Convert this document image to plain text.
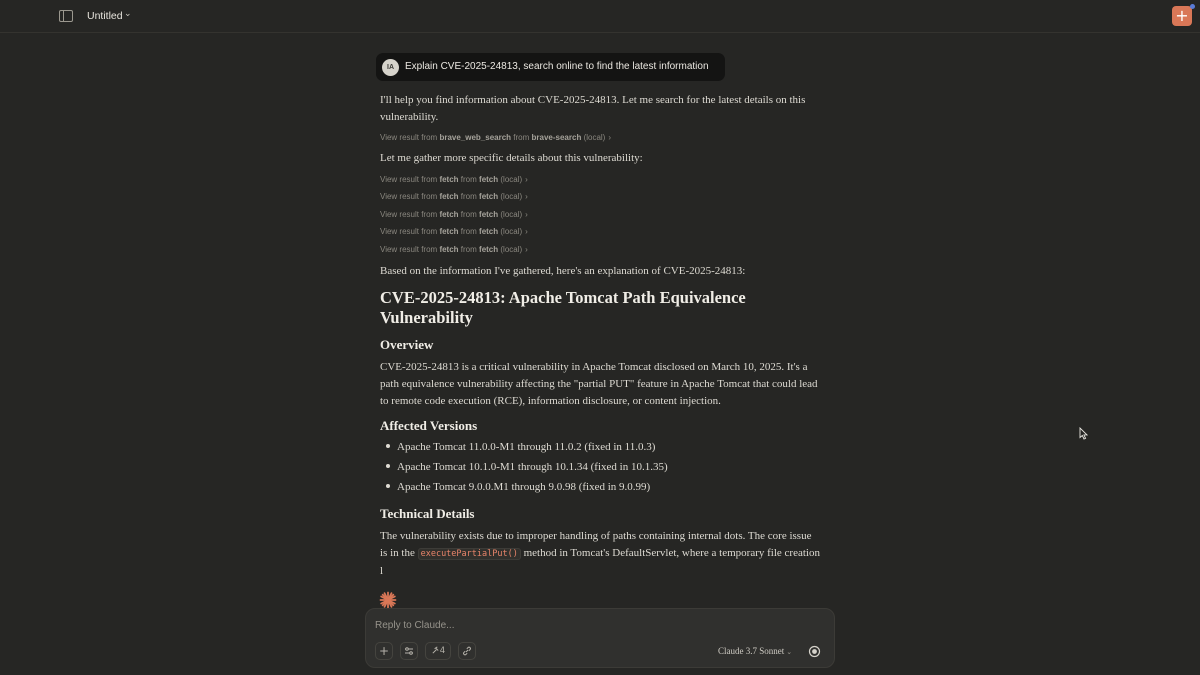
Untitled ⌄	+
IA	Explain CVE-2025-24813, search online to find the latest information
I'll help you find information about CVE-2025-24813. Let me search for the latest details on this vulnerability.
View result from brave_web_search from brave-search (local) ›
Let me gather more specific details about this vulnerability:
View result from fetch from fetch (local) ›
View result from fetch from fetch (local) ›
View result from fetch from fetch (local) ›
View result from fetch from fetch (local) ›
View result from fetch from fetch (local) ›
Based on the information I've gathered, here's an explanation of CVE-2025-24813:
CVE-2025-24813: Apache Tomcat Path Equivalence Vulnerability
Overview
CVE-2025-24813 is a critical vulnerability in Apache Tomcat disclosed on March 10, 2025. It's a path equivalence vulnerability affecting the "partial PUT" feature in Apache Tomcat that could lead to remote code execution (RCE), information disclosure, or content injection.
Affected Versions
Apache Tomcat 11.0.0-M1 through 11.0.2 (fixed in 11.0.3)
Apache Tomcat 10.1.0-M1 through 10.1.34 (fixed in 10.1.35)
Apache Tomcat 9.0.0.M1 through 9.0.98 (fixed in 9.0.99)
Technical Details
The vulnerability exists due to improper handling of paths containing internal dots. The core issue is in the executePartialPut() method in Tomcat's DefaultServlet, where a temporary file creation l
Reply to Claude...
+	4	Claude 3.7 Sonnet ⌄
